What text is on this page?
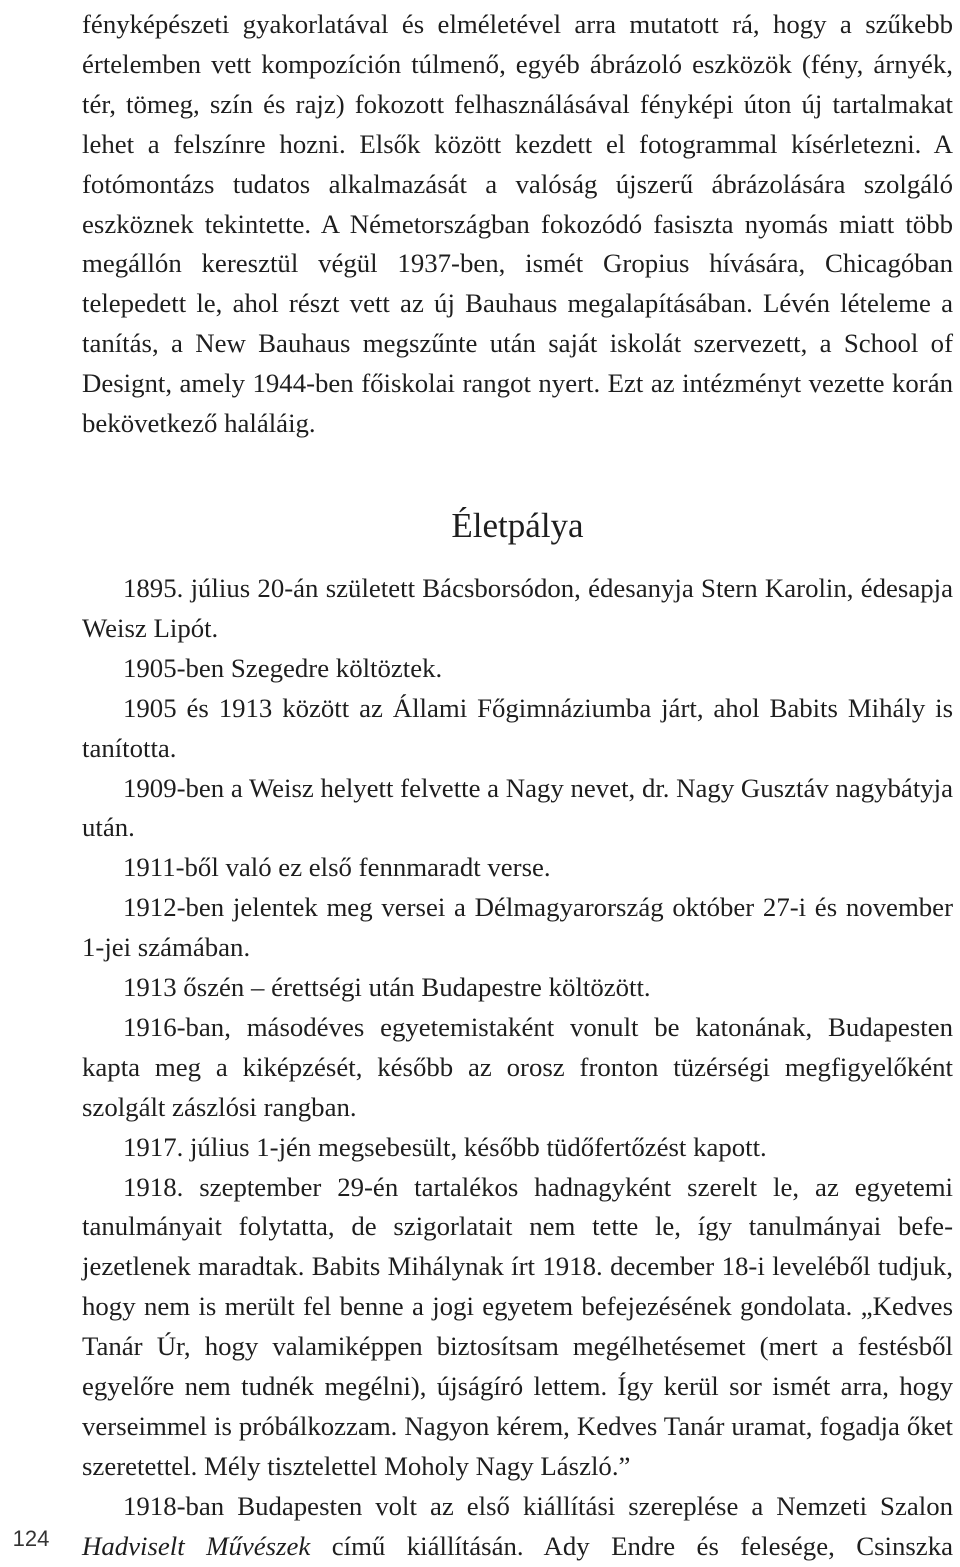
124

fényképészeti gyakorlatával és elméletével arra mutatott rá, hogy a szűkebb értelemben vett kompozíción túlmenő, egyéb ábrázoló eszközök (fény, árnyék, tér, tömeg, szín és rajz) fokozott felhasználásával fényképi úton új tartalmakat lehet a felszínre hozni. Elsők között kezdett el fotogrammal kísérletezni. A fotómontázs tudatos alkalmazását a valóság újszerű ábrázolására szolgáló eszköznek tekintette. A Németországban fokozódó fasiszta nyomás miatt több megállón keresztül végül 1937-ben, ismét Gropius hívására, Chicagóban telepedett le, ahol részt vett az új Bauhaus megalapításában. Lévén lételeme a tanítás, a New Bauhaus megszűnte után saját iskolát szervezett, a School of Designt, amely 1944-ben főiskolai rangot nyert. Ezt az intézményt vezette korán bekövetkező haláláig.

Életpálya

1895. július 20-án született Bácsborsódon, édesanyja Stern Karolin, édesapja Weisz Lipót.

1905-ben Szegedre költöztek.

1905 és 1913 között az Állami Főgimnáziumba járt, ahol Babits Mihály is tanította.

1909-ben a Weisz helyett felvette a Nagy nevet, dr. Nagy Gusztáv nagybátyja után.

1911-ből való ez első fennmaradt verse.

1912-ben jelentek meg versei a Délmagyarország október 27-i és november 1-jei számában.

1913 őszén – érettségi után Budapestre költözött.

1916-ban, másodéves egyetemistaként vonult be katonának, Budapesten kapta meg a kiképzését, később az orosz fronton tüzérségi megfigyelőként szolgált zászlósi rangban.

1917. július 1-jén megsebesült, később tüdőfertőzést kapott.

1918. szeptember 29-én tartalékos hadnagyként szerelt le, az egyetemi tanulmányait folytatta, de szigorlatait nem tette le, így tanulmányai befejezetlenek maradtak. Babits Mihálynak írt 1918. december 18-i leveléből tudjuk, hogy nem is merült fel benne a jogi egyetem befejezésének gondolata. „Kedves Tanár Úr, hogy valamiképpen biztosítsam megélhetésemet (mert a festésből egyelőre nem tudnék megélni), újságíró lettem. Így kerül sor ismét arra, hogy verseimmel is próbálkozzam. Nagyon kérem, Kedves Tanár uramat, fogadja őket szeretettel. Mély tisztelettel Moholy Nagy László.”

1918-ban Budapesten volt az első kiállítási szereplése a Nemzeti Szalon Hadviselt Művészek című kiállításán. Ady Endre és felesége, Csinszka
